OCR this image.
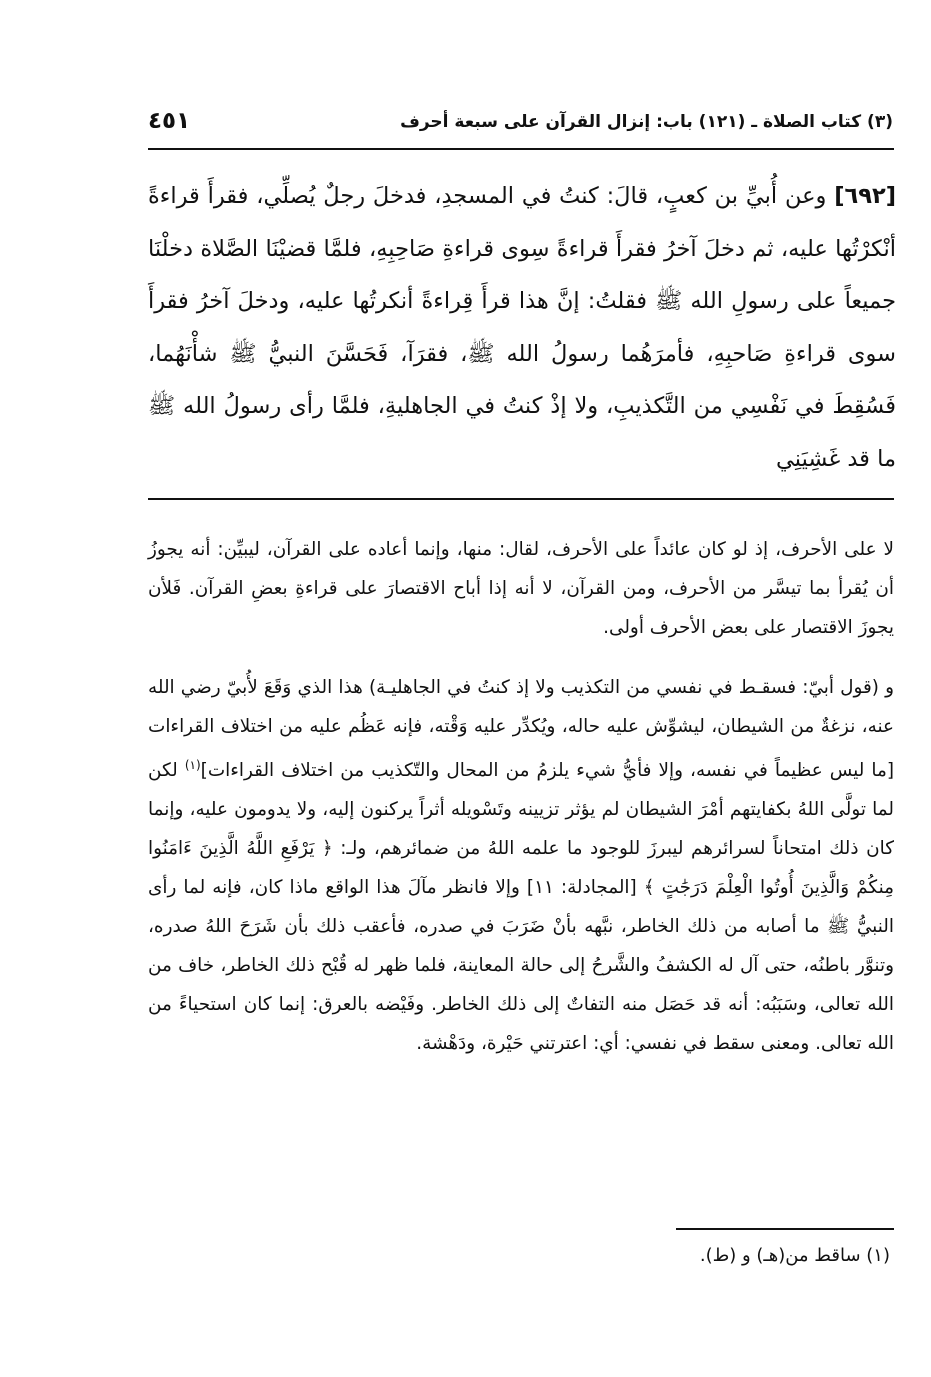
(٣) كتاب الصلاة ـ (١٢١) باب: إنزال القرآن على سبعة أحرف
٤٥١

[٦٩٢] وعن أُبيِّ بن كعبٍ، قالَ: كنتُ في المسجدِ، فدخلَ رجلٌ يُصلِّي، فقرأَ قراءةً أنْكرْتُها عليه، ثم دخلَ آخرُ فقرأَ قراءةً سِوى قراءةِ صَاحِبِهِ، فلمَّا قضيْنَا الصَّلاة دخلْنَا جميعاً على رسولِ الله ﷺ فقلتُ: إنَّ هذا قرأَ قِراءةً أنكرتُها عليه، ودخلَ آخرُ فقرأَ سوى قراءةِ صَاحبِهِ، فأمرَهُما رسولُ الله ﷺ، فقرَآ، فَحَسَّنَ النبيُّ ﷺ شأْنَهُما، فَسُقِطَ في نَفْسِي من التَّكذيبِ، ولا إذْ كنتُ في الجاهليةِ، فلمَّا رأى رسولُ الله ﷺ ما قد غَشِيَنِي

لا على الأحرف، إذ لو كان عائداً على الأحرف، لقال: منها، وإنما أعاده على القرآن، ليبيِّن: أنه يجوزُ أن يُقرأ بما تيسَّر من الأحرف، ومن القرآن، لا أنه إذا أباح الاقتصارَ على قراءةِ بعضِ القرآن. فَلأن يجوزَ الاقتصار على بعض الأحرف أولى.

و (قول أبيّ: فسقـط في نفسي من التكذيب ولا إذ كنتُ في الجاهليـة) هذا الذي وَقَعَ لأُبيّ رضي الله عنه، نزغةٌ من الشيطان، ليشوِّش عليه حاله، ويُكدِّر عليه وَقْته، فإنه عَظُم عليه من اختلاف القراءات [ما ليس عظيماً في نفسه، وإلا فأيُّ شيء يلزمُ من المحال والتّكذيب من اختلاف القراءات]$^{(١)}$ لكن لما تولَّى اللهُ بكفايتهم أمْرَ الشيطان لم يؤثر تزيينه وتَسْويله أثراً يركنون إليه، ولا يدومون عليه، وإنما كان ذلك امتحاناً لسرائرهم ليبرزَ للوجود ما علمه اللهُ من ضمائرهم، ولـ: ﴿ يَرْفَعِ اللَّهُ الَّذِينَ ءَامَنُوا مِنكُمْ وَالَّذِينَ أُوتُوا الْعِلْمَ دَرَجَٰتٍ ﴾ [المجادلة: ١١] وإلا فانظر مآلَ هذا الواقع ماذا كان، فإنه لما رأى النبيُّ ﷺ ما أصابه من ذلك الخاطر، نبَّهه بأنْ ضَرَبَ في صدره، فأعقب ذلك بأن شَرَحَ اللهُ صدره، وتنوَّر باطنُه، حتى آل له الكشفُ والشَّرحُ إلى حالة المعاينة، فلما ظهر له قُبْح ذلك الخاطر، خاف من الله تعالى، وسَبَبُه: أنه قد حَصَل منه التفاتٌ إلى ذلك الخاطر. وفَيْضه بالعرق: إنما كان استحياءً من الله تعالى. ومعنى سقط في نفسي: أي: اعترتني حَيْرة، ودَهْشة.

(١) ساقط من(هـ) و (ط).
